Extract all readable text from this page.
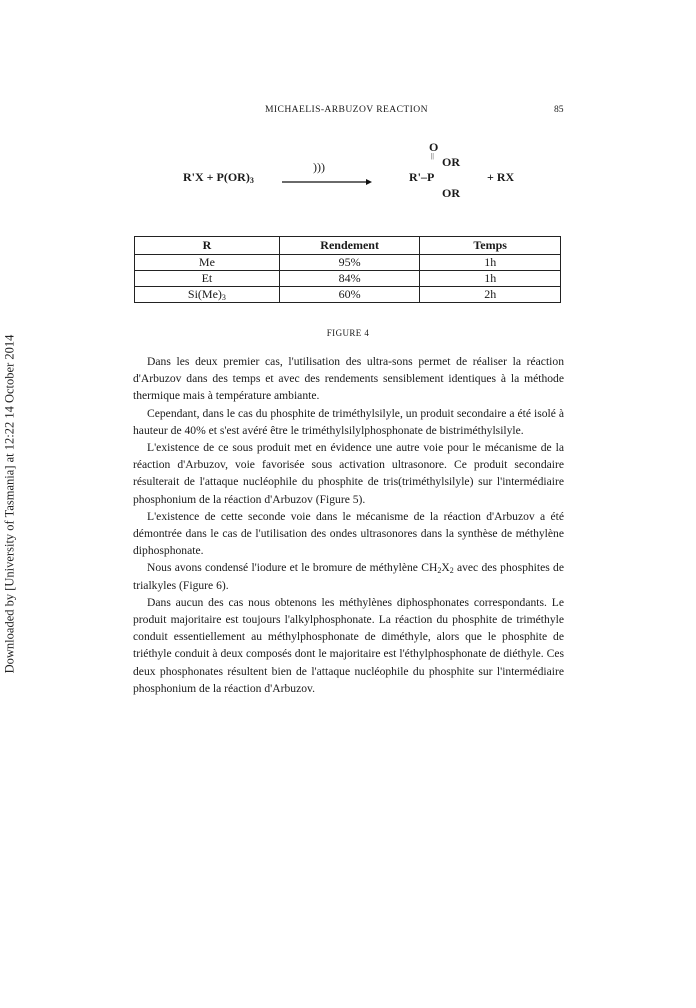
Downloaded by [University of Tasmania] at 12:22 14 October 2014
MICHAELIS-ARBUZOV REACTION	85
$R'X + P(OR)_3$
)))
O
|| OR
R'–P
OR
+ RX
R	Rendement	Temps
Me	95%	1h
Et	84%	1h
$Si(Me)_3$	60%	2h
FIGURE 4

Dans les deux premier cas, l'utilisation des ultra-sons permet de réaliser la réaction d'Arbuzov dans des temps et avec des rendements sensiblement identiques à la méthode thermique mais à température ambiante.

Cependant, dans le cas du phosphite de triméthylsilyle, un produit secondaire a été isolé à hauteur de 40% et s'est avéré être le triméthylsilylphosphonate de bistriméthylsilyle.

L'existence de ce sous produit met en évidence une autre voie pour le mécanisme de la réaction d'Arbuzov, voie favorisée sous activation ultrasonore. Ce produit secondaire résulterait de l'attaque nucléophile du phosphite de tris(triméthylsilyle) sur l'intermédiaire phosphonium de la réaction d'Arbuzov (Figure 5).

L'existence de cette seconde voie dans le mécanisme de la réaction d'Arbuzov a été démontrée dans le cas de l'utilisation des ondes ultrasonores dans la synthèse de méthylène diphosphonate.

Nous avons condensé l'iodure et le bromure de méthylène $CH_2X_2$ avec des phosphites de trialkyles (Figure 6).

Dans aucun des cas nous obtenons les méthylènes diphosphonates correspondants. Le produit majoritaire est toujours l'alkylphosphonate. La réaction du phosphite de triméthyle conduit essentiellement au méthylphosphonate de diméthyle, alors que le phosphite de triéthyle conduit à deux composés dont le majoritaire est l'éthylphosphonate de diéthyle. Ces deux phosphonates résultent bien de l'attaque nucléophile du phosphite sur l'intermédiaire phosphonium de la réaction d'Arbuzov.
